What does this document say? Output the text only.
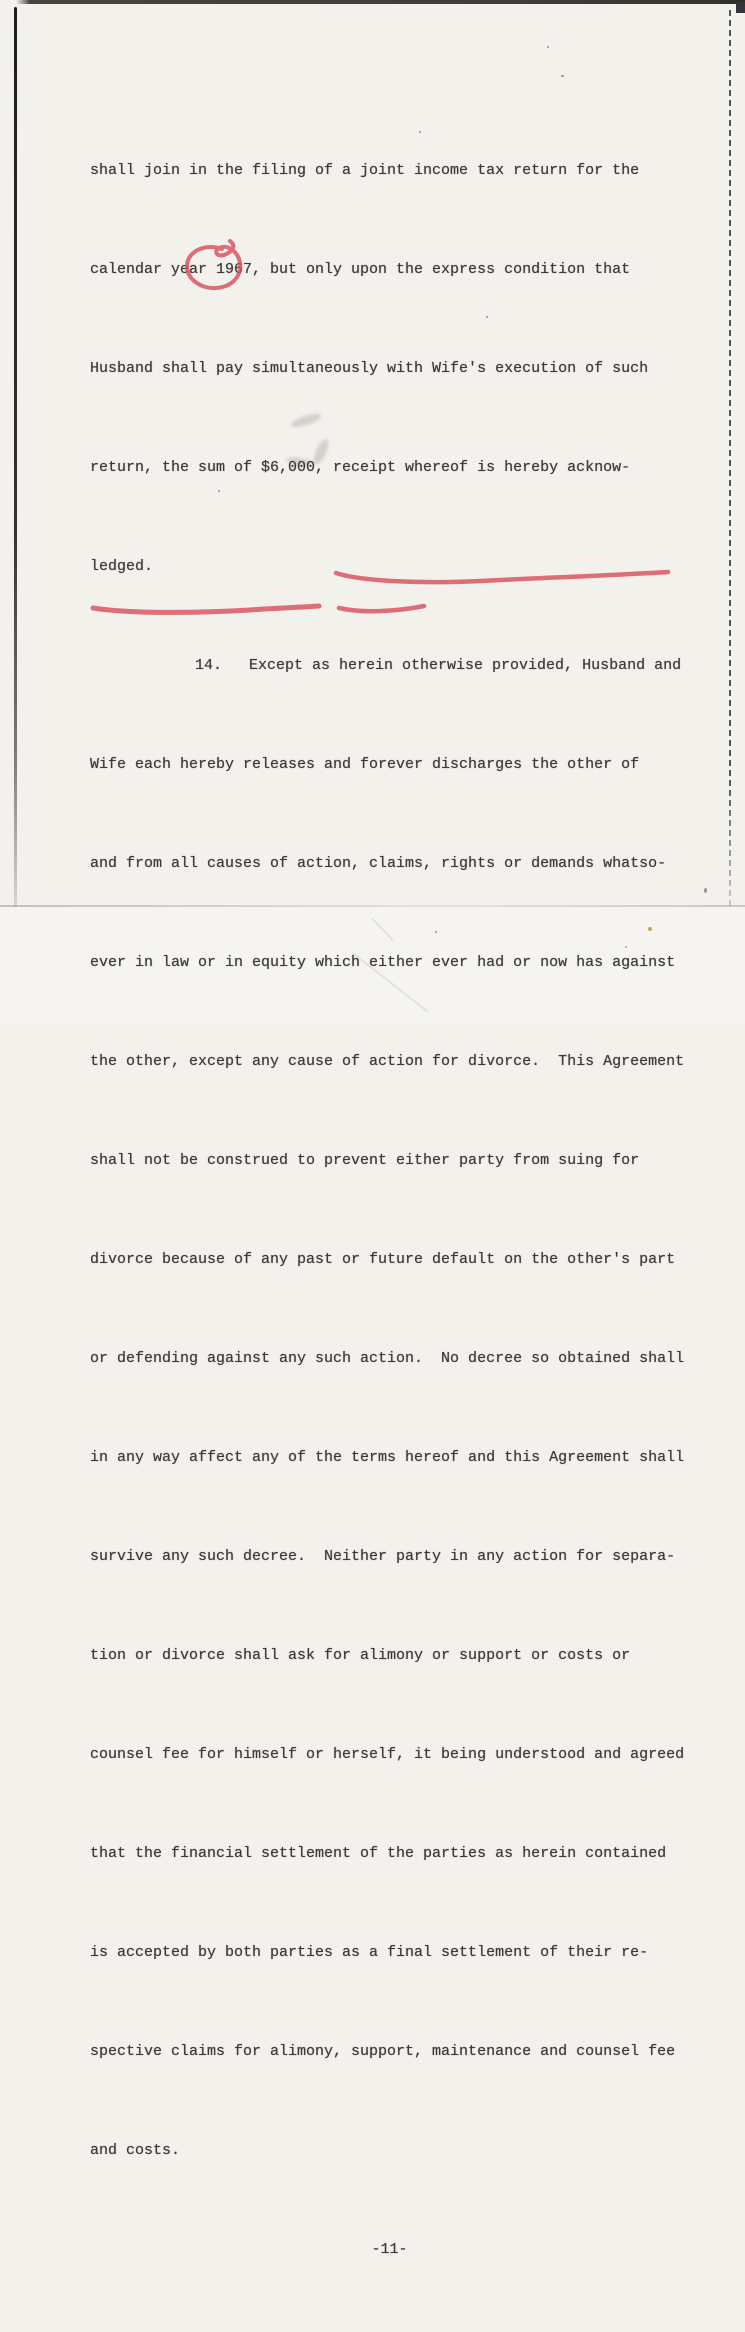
shall join in the filing of a joint income tax return for the

calendar year 1967, but only upon the express condition that

Husband shall pay simultaneously with Wife's execution of such

return, the sum of $6,000, receipt whereof is hereby acknow-

ledged.

14.   Except as herein otherwise provided, Husband and

Wife each hereby releases and forever discharges the other of

and from all causes of action, claims, rights or demands whatso-

ever in law or in equity which either ever had or now has against

the other, except any cause of action for divorce.  This Agreement

shall not be construed to prevent either party from suing for

divorce because of any past or future default on the other's part

or defending against any such action.  No decree so obtained shall

in any way affect any of the terms hereof and this Agreement shall

survive any such decree.  Neither party in any action for separa-

tion or divorce shall ask for alimony or support or costs or

counsel fee for himself or herself, it being understood and agreed

that the financial settlement of the parties as herein contained

is accepted by both parties as a final settlement of their re-

spective claims for alimony, support, maintenance and counsel fee

and costs.

-11-
